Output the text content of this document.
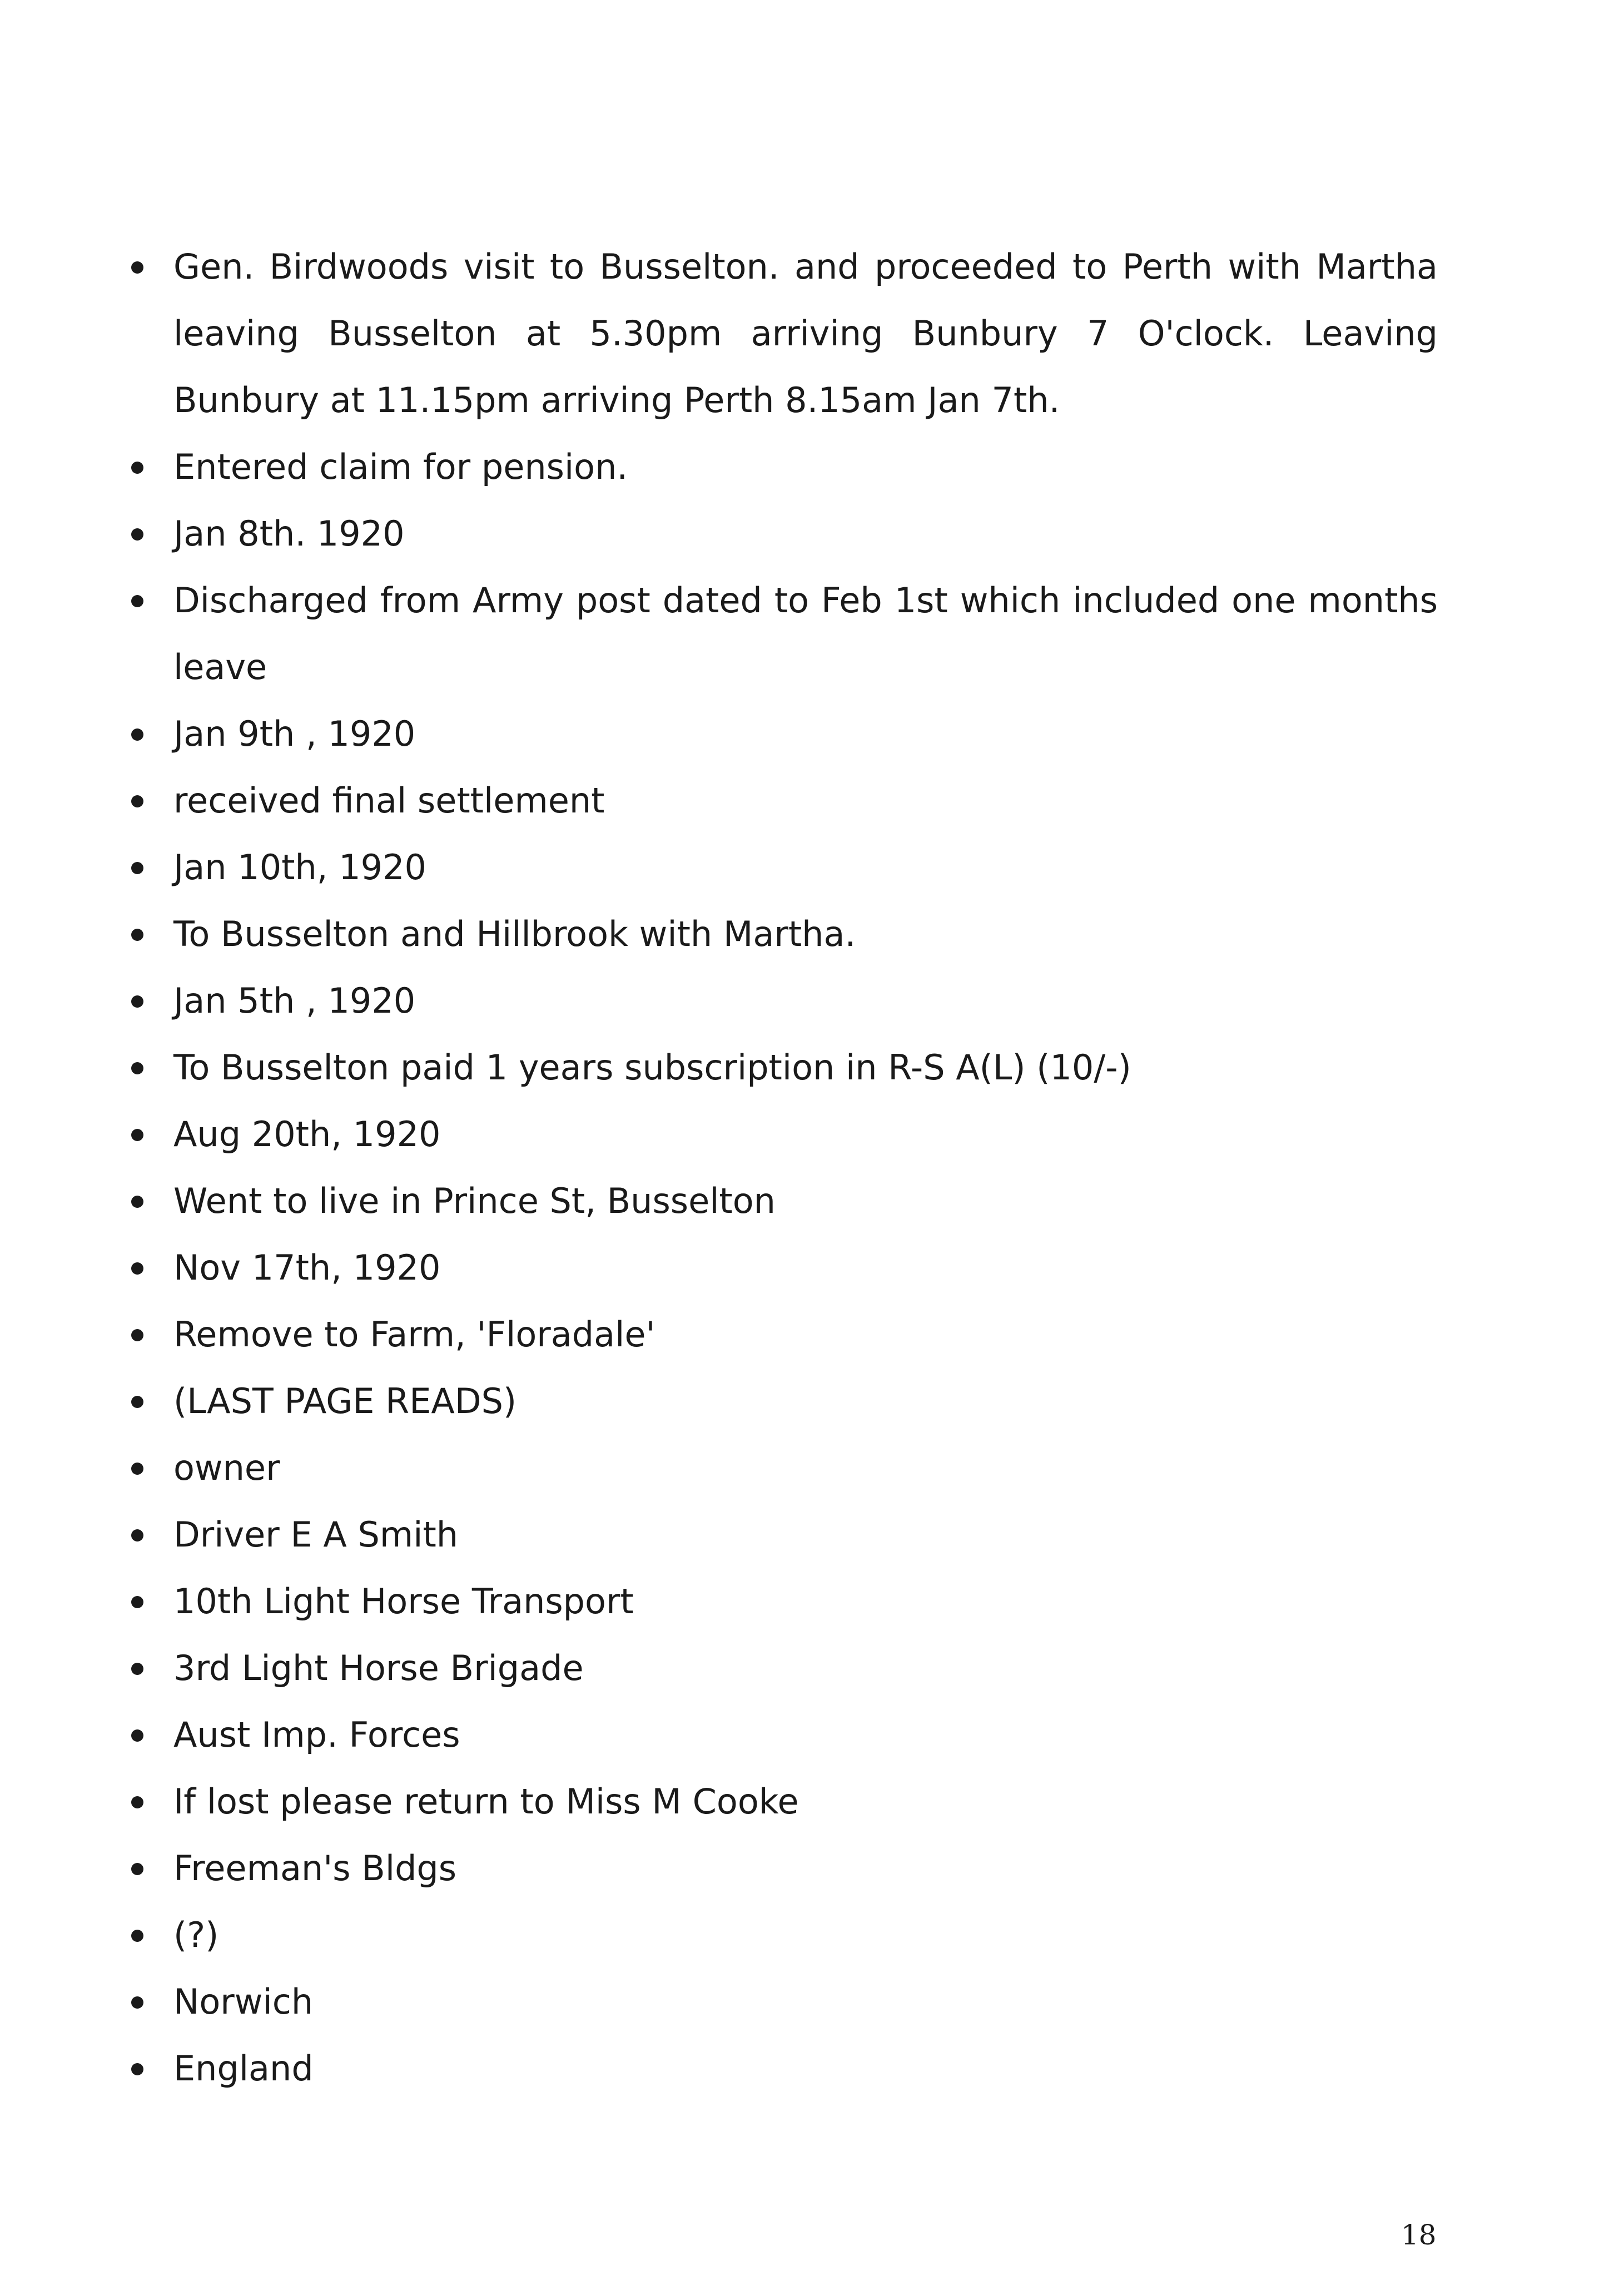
Gen. Birdwoods visit to Busselton. and proceeded to Perth with Martha leaving Busselton at 5.30pm arriving Bunbury 7 O'clock. Leaving Bunbury at 11.15pm arriving Perth 8.15am Jan 7th.
Entered claim for pension.
Jan 8th. 1920
Discharged from Army post dated to Feb 1st which included one months leave
Jan 9th , 1920
received final settlement
Jan 10th, 1920
To Busselton and Hillbrook with Martha.
Jan 5th , 1920
To Busselton paid 1 years subscription in R-S A(L) (10/-)
Aug 20th, 1920
Went to live in Prince St, Busselton
Nov 17th, 1920
Remove to Farm, 'Floradale'
(LAST PAGE READS)
owner
Driver E A Smith
10th Light Horse Transport
3rd Light Horse Brigade
Aust Imp. Forces
If lost please return to Miss M Cooke
Freeman's Bldgs
(?)
Norwich
England
18
